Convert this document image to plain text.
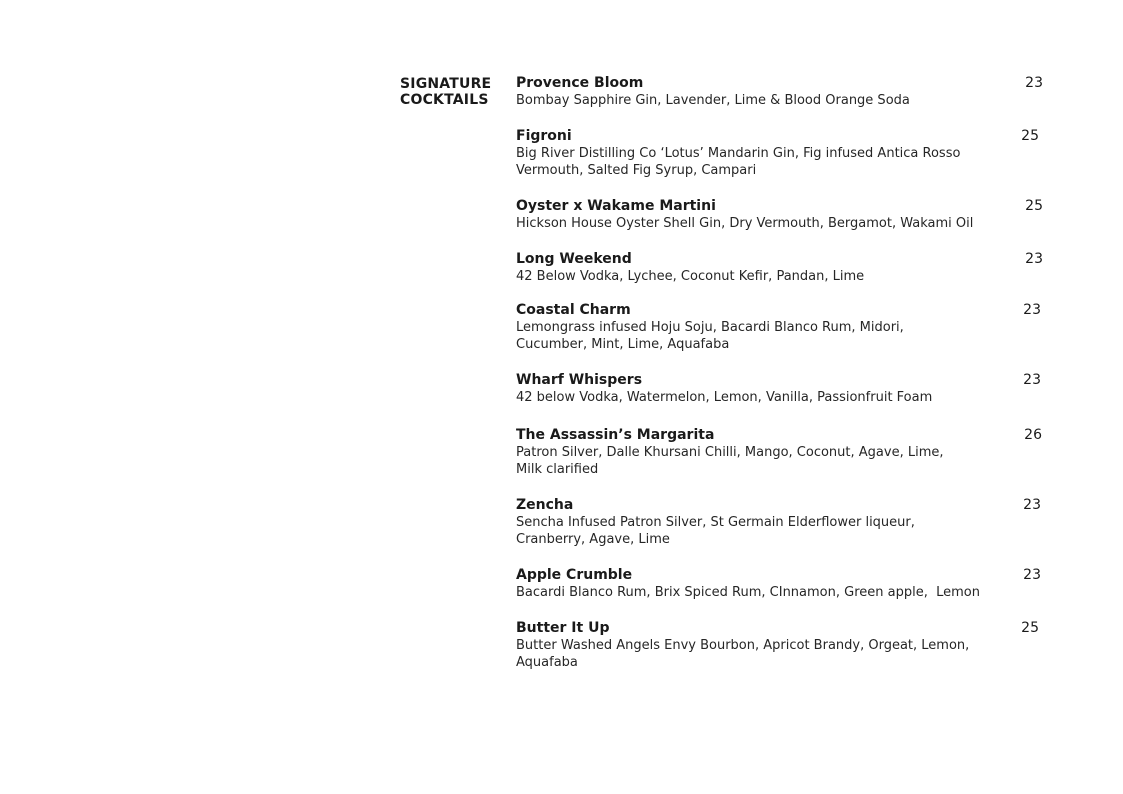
SIGNATURE
COCKTAILS

Provence Bloom

Bombay Sapphire Gin, Lavender, Lime & Blood Orange Soda

23

Figroni

Big River Distilling Co ‘Lotus’ Mandarin Gin, Fig infused Antica Rosso Vermouth, Salted Fig Syrup, Campari

25

Oyster x Wakame Martini

Hickson House Oyster Shell Gin, Dry Vermouth, Bergamot, Wakami Oil

25

Long Weekend

42 Below Vodka, Lychee, Coconut Kefir, Pandan, Lime

23

Coastal Charm

Lemongrass infused Hoju Soju, Bacardi Blanco Rum, Midori, Cucumber, Mint, Lime, Aquafaba

23

Wharf Whispers

42 below Vodka, Watermelon, Lemon, Vanilla, Passionfruit Foam

23

The Assassin’s Margarita

Patron Silver, Dalle Khursani Chilli, Mango, Coconut, Agave, Lime, Milk clarified

26

Zencha

Sencha Infused Patron Silver, St Germain Elderflower liqueur, Cranberry, Agave, Lime

23

Apple Crumble

Bacardi Blanco Rum, Brix Spiced Rum, CInnamon, Green apple,  Lemon

23

Butter It Up

Butter Washed Angels Envy Bourbon, Apricot Brandy, Orgeat, Lemon, Aquafaba

25
